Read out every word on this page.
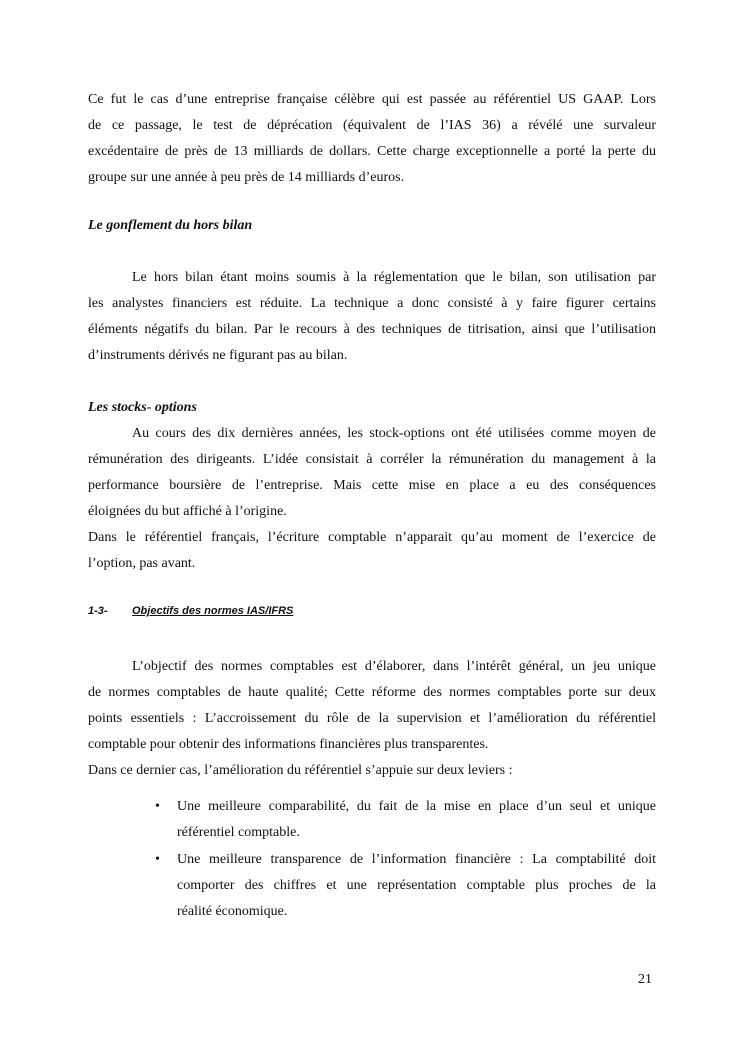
Ce fut le cas d’une entreprise française célèbre qui est passée au référentiel US GAAP. Lors
de ce passage, le test de déprécation (équivalent de l’IAS 36) a révélé une survaleur
excédentaire de près de 13 milliards de dollars. Cette charge exceptionnelle a porté la perte du
groupe sur une année à peu près de 14 milliards d’euros.
Le gonflement du hors bilan
Le hors bilan étant moins soumis à la réglementation que le bilan, son utilisation par
les analystes financiers est réduite. La technique a donc consisté à y faire figurer certains
éléments négatifs du bilan. Par le recours à des techniques de titrisation, ainsi que l’utilisation
d’instruments dérivés ne figurant pas au bilan.
Les stocks- options
Au cours des dix dernières années, les stock-options ont été utilisées comme moyen de
rémunération des dirigeants. L’idée consistait à corréler la rémunération du management à la
performance boursière de l’entreprise. Mais cette mise en place a eu des conséquences
éloignées du but affiché à l’origine.
Dans le référentiel français, l’écriture comptable n’apparait qu’au moment de l’exercice de
l’option, pas avant.
1-3- Objectifs des normes IAS/IFRS
L’objectif des normes comptables est d’élaborer, dans l’intérêt général, un jeu unique
de normes comptables de haute qualité; Cette réforme des normes comptables porte sur deux
points essentiels : L’accroissement du rôle de la supervision et l’amélioration du référentiel
comptable pour obtenir des informations financières plus transparentes.
Dans ce dernier cas, l’amélioration du référentiel s’appuie sur deux leviers :
• Une meilleure comparabilité, du fait de la mise en place d’un seul et unique
référentiel comptable.
• Une meilleure transparence de l’information financière : La comptabilité doit
comporter des chiffres et une représentation comptable plus proches de la
réalité économique.
21
